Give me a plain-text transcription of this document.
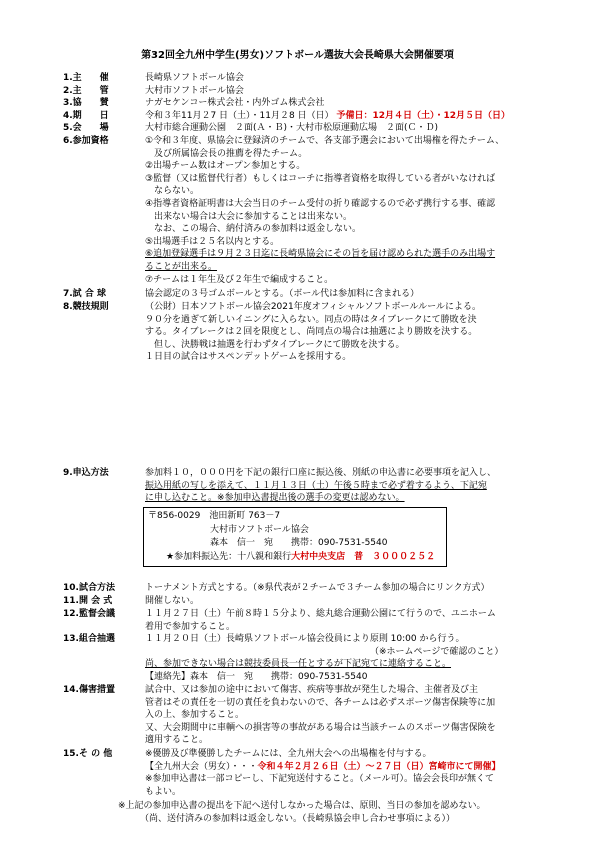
第32回全九州中学生(男女)ソフトボール選抜大会長崎県大会開催要項
1.主　　催	長崎県ソフトボール協会
2.主　　管	大村市ソフトボール協会
3.協　　賛	ナガセケンコー株式会社・内外ゴム株式会社
4.期　　日	令和３年11月２7 日（土）・11月２8 日（日） 予備日：12月４日（土）・12月５日（日）
5.会　　場	大村市総合運動公園　２面(Ａ・Ｂ)・大村市松原運動広場　２面(Ｃ・Ｄ)
6.参加資格	①令和３年度、県協会に登録済のチームで、各支部予選会において出場権を得たチーム、
　及び所属協会長の推薦を得たチーム。
②出場チーム数はオープン参加とする。
③監督（又は監督代行者）もしくはコーチに指導者資格を取得している者がいなければ
　ならない。
④指導者資格証明書は大会当日のチーム受付の折り確認するので必ず携行する事、確認
　出来ない場合は大会に参加することは出来ない。
　なお、この場合、納付済みの参加料は返金しない。
⑤出場選手は２５名以内とする。
⑥追加登録選手は９月２３日迄に長崎県協会にその旨を届け認められた選手のみ出場す
ることが出来る。
⑦チームは１年生及び２年生で編成すること。
7.試 合 球	協会認定の３号ゴムボールとする。（ボール代は参加料に含まれる）
8.競技規則	（公財）日本ソフトボール協会2021年度オフィシャルソフトボールルールによる。
９０分を過ぎて新しいイニングに入らない。同点の時はタイブレークにて勝敗を決
する。タイブレークは２回を限度とし、尚同点の場合は抽選により勝敗を決する。
　但し、決勝戦は抽選を行わずタイブレークにて勝敗を決する。
１日目の試合はサスペンデットゲームを採用する。
9.申込方法	参加料１０，０００円を下記の銀行口座に振込後、別紙の申込書に必要事項を記入し、
振込用紙の写しを添えて、１１月１３日（土）午後５時まで必ず着するよう、下記宛
に申し込むこと。※参加申込書提出後の選手の変更は認めない。
〒856-0029　池田新町 763－7
大村市ソフトボール協会
森本　信一　宛　　携帯：090-7531-5540
★参加料振込先：十八親和銀行大村中央支店　普　３０００２５２
10.試合方法	トーナメント方式とする。（※県代表が２チームで３チーム参加の場合にリンク方式）
11.開 会 式	開催しない。
12.監督会議	１１月２７日（土）午前８時１５分より、総丸総合運動公園にて行うので、ユニホーム
着用で参加すること。
13.組合抽選	１１月２０日（土）長崎県ソフトボール協会役員により原則 10:00 から行う。
（※ホームページで確認のこと）
尚、参加できない場合は競技委員長一任とするが下記宛てに連絡すること。
【連絡先】森本　信一　宛　　携帯：090-7531-5540
14.傷害措置	試合中、又は参加の途中において傷害、疾病等事故が発生した場合、主催者及び主
管者はその責任を一切の責任を負わないので、各チームは必ずスポーツ傷害保険等に加
入の上、参加すること。
又、大会期間中に車輌への損害等の事故がある場合は当該チームのスポーツ傷害保険を
適用すること。
15.そ の 他	※優勝及び準優勝したチームには、全九州大会への出場権を付与する。
【全九州大会（男女）・・・令和４年２月２６日（土）～２７日（日）宮崎市にて開催】
※参加申込書は一部コピーし、下記宛送付すること。（メール可）。協会会長印が無くて
もよい。
※上記の参加申込書の提出を下記へ送付しなかった場合は、原則、当日の参加を認めない。
（尚、送付済みの参加料は返金しない。（長崎県協会申し合わせ事項による））
